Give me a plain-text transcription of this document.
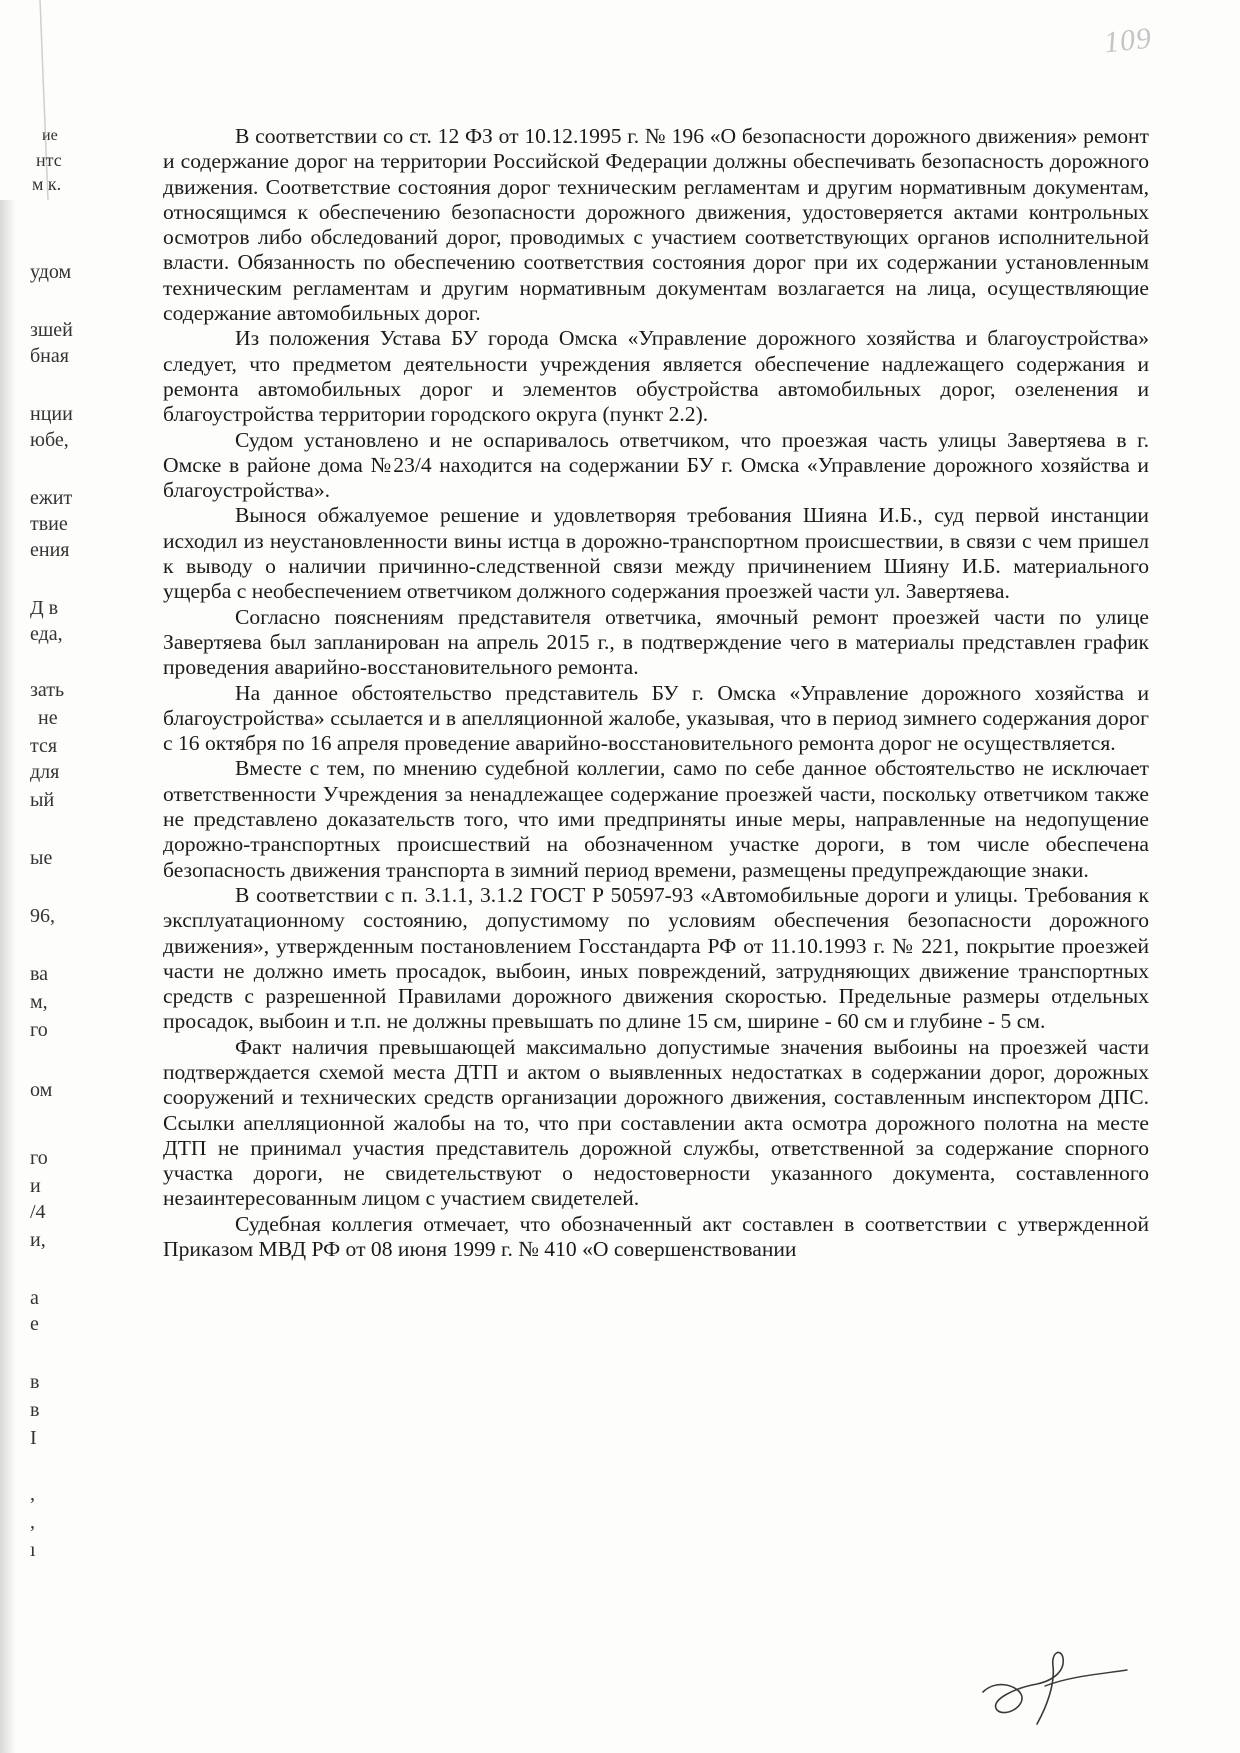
109
ие
нтс
м к.
удом
зшей
бная
нции
юбе,
ежит
твие
ения
Д в
еда,
зать
не
тся
для
ый
ые
96,
ва
м,
го
ом
го
и
/4
и,
а
е
в
в
I
,
,
ı

В соответствии со ст. 12 ФЗ от 10.12.1995 г. № 196 «О безопасности дорожного движения» ремонт и содержание дорог на территории Российской Федерации должны обеспечивать безопасность дорожного движения. Соответствие состояния дорог техническим регламентам и другим нормативным документам, относящимся к обеспечению безопасности дорожного движения, удостоверяется актами контрольных осмотров либо обследований дорог, проводимых с участием соответствующих органов исполнительной власти. Обязанность по обеспечению соответствия состояния дорог при их содержании установленным техническим регламентам и другим нормативным документам возлагается на лица, осуществляющие содержание автомобильных дорог.

Из положения Устава БУ города Омска «Управление дорожного хозяйства и благоустройства» следует, что предметом деятельности учреждения является обеспечение надлежащего содержания и ремонта автомобильных дорог и элементов обустройства автомобильных дорог, озеленения и благоустройства территории городского округа (пункт 2.2).

Судом установлено и не оспаривалось ответчиком, что проезжая часть улицы Завертяева в г. Омске в районе дома №23/4 находится на содержании БУ г. Омска «Управление дорожного хозяйства и благоустройства».

Вынося обжалуемое решение и удовлетворяя требования Шияна И.Б., суд первой инстанции исходил из неустановленности вины истца в дорожно-транспортном происшествии, в связи с чем пришел к выводу о наличии причинно-следственной связи между причинением Шияну И.Б. материального ущерба с необеспечением ответчиком должного содержания проезжей части ул. Завертяева.

Согласно пояснениям представителя ответчика, ямочный ремонт проезжей части по улице Завертяева был запланирован на апрель 2015 г., в подтверждение чего в материалы представлен график проведения аварийно-восстановительного ремонта.

На данное обстоятельство представитель БУ г. Омска «Управление дорожного хозяйства и благоустройства» ссылается и в апелляционной жалобе, указывая, что в период зимнего содержания дорог с 16 октября по 16 апреля проведение аварийно-восстановительного ремонта дорог не осуществляется.

Вместе с тем, по мнению судебной коллегии, само по себе данное обстоятельство не исключает ответственности Учреждения за ненадлежащее содержание проезжей части, поскольку ответчиком также не представлено доказательств того, что ими предприняты иные меры, направленные на недопущение дорожно-транспортных происшествий на обозначенном участке дороги, в том числе обеспечена безопасность движения транспорта в зимний период времени, размещены предупреждающие знаки.

В соответствии с п. 3.1.1, 3.1.2 ГОСТ Р 50597-93 «Автомобильные дороги и улицы. Требования к эксплуатационному состоянию, допустимому по условиям обеспечения безопасности дорожного движения», утвержденным постановлением Госстандарта РФ от 11.10.1993 г. № 221, покрытие проезжей части не должно иметь просадок, выбоин, иных повреждений, затрудняющих движение транспортных средств с разрешенной Правилами дорожного движения скоростью. Предельные размеры отдельных просадок, выбоин и т.п. не должны превышать по длине 15 см, ширине - 60 см и глубине - 5 см.

Факт наличия превышающей максимально допустимые значения выбоины на проезжей части подтверждается схемой места ДТП и актом о выявленных недостатках в содержании дорог, дорожных сооружений и технических средств организации дорожного движения, составленным инспектором ДПС. Ссылки апелляционной жалобы на то, что при составлении акта осмотра дорожного полотна на месте ДТП не принимал участия представитель дорожной службы, ответственной за содержание спорного участка дороги, не свидетельствуют о недостоверности указанного документа, составленного незаинтересованным лицом с участием свидетелей.

Судебная коллегия отмечает, что обозначенный акт составлен в соответствии с утвержденной Приказом МВД РФ от 08 июня 1999 г. № 410 «О совершенствовании
